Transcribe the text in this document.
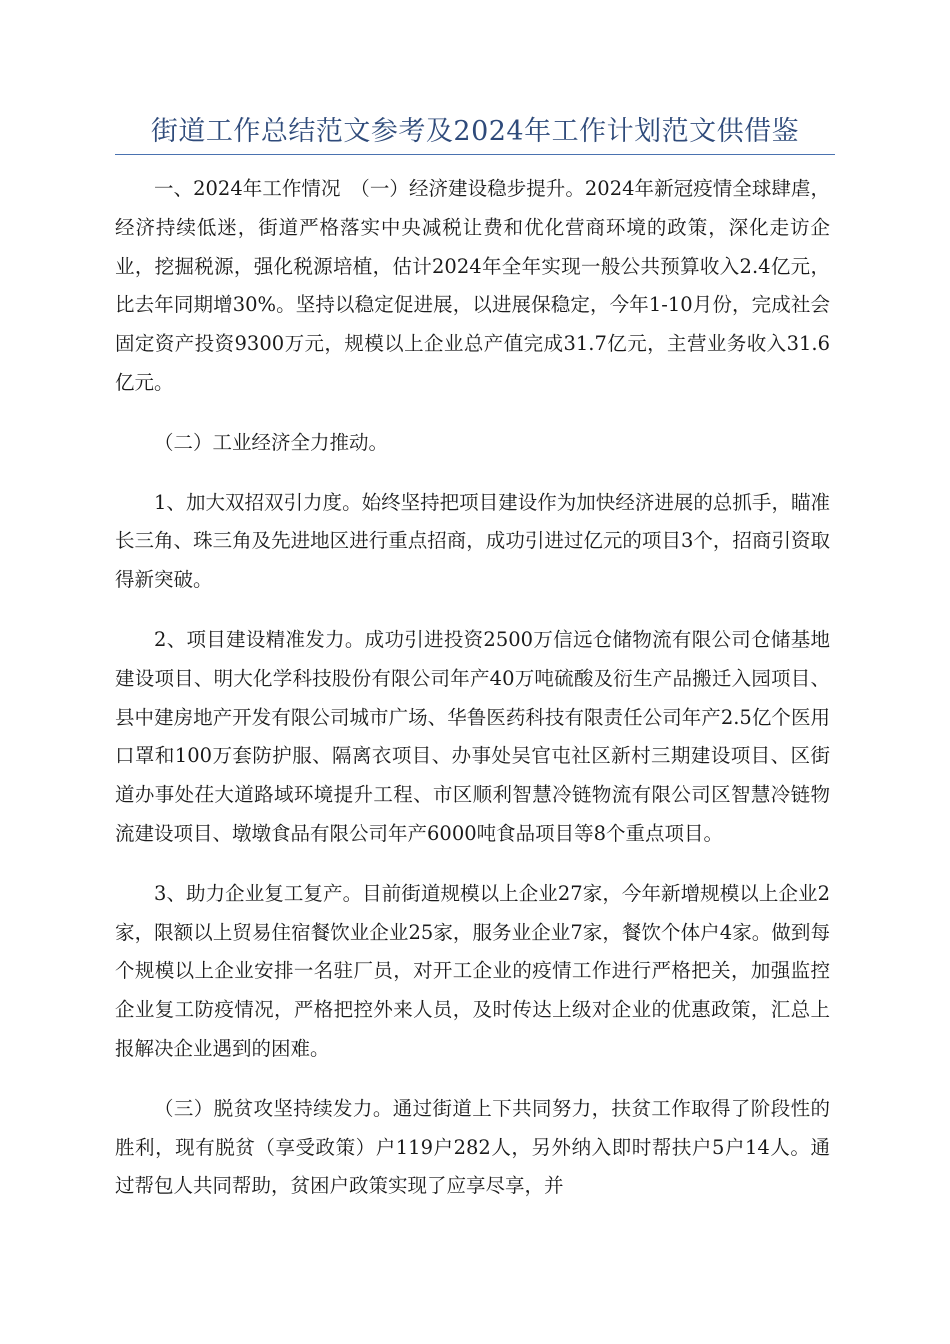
街道工作总结范文参考及2024年工作计划范文供借鉴

一、2024年工作情况　（一）经济建设稳步提升。2024年新冠疫情全球肆虐，经济持续低迷，街道严格落实中央减税让费和优化营商环境的政策，深化走访企业，挖掘税源，强化税源培植，估计2024年全年实现一般公共预算收入2.4亿元，比去年同期增30%。坚持以稳定促进展，以进展保稳定，今年1-10月份，完成社会固定资产投资9300万元，规模以上企业总产值完成31.7亿元，主营业务收入31.6亿元。

（二）工业经济全力推动。

1、加大双招双引力度。始终坚持把项目建设作为加快经济进展的总抓手，瞄准长三角、珠三角及先进地区进行重点招商，成功引进过亿元的项目3个，招商引资取得新突破。

2、项目建设精准发力。成功引进投资2500万信远仓储物流有限公司仓储基地建设项目、明大化学科技股份有限公司年产40万吨硫酸及衍生产品搬迁入园项目、县中建房地产开发有限公司城市广场、华鲁医药科技有限责任公司年产2.5亿个医用口罩和100万套防护服、隔离衣项目、办事处吴官屯社区新村三期建设项目、区街道办事处茌大道路域环境提升工程、市区顺利智慧冷链物流有限公司区智慧冷链物流建设项目、墩墩食品有限公司年产6000吨食品项目等8个重点项目。

3、助力企业复工复产。目前街道规模以上企业27家，今年新增规模以上企业2家，限额以上贸易住宿餐饮业企业25家，服务业企业7家，餐饮个体户4家。做到每个规模以上企业安排一名驻厂员，对开工企业的疫情工作进行严格把关，加强监控企业复工防疫情况，严格把控外来人员，及时传达上级对企业的优惠政策，汇总上报解决企业遇到的困难。

（三）脱贫攻坚持续发力。通过街道上下共同努力，扶贫工作取得了阶段性的胜利，现有脱贫（享受政策）户119户282人，另外纳入即时帮扶户5户14人。通过帮包人共同帮助，贫困户政策实现了应享尽享，并
